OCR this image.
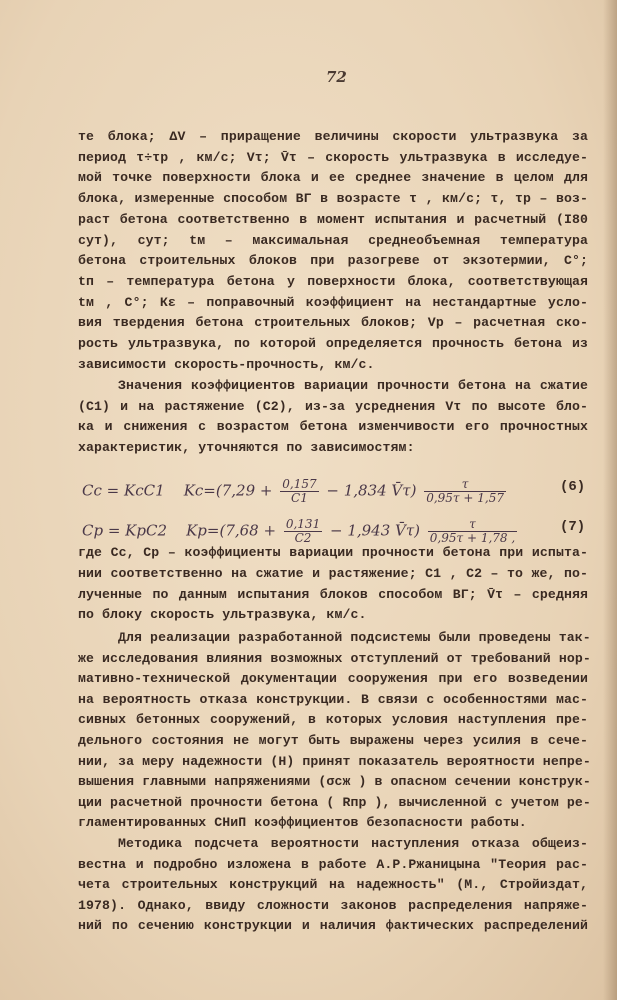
72
те блока; ΔV – приращение величины скорости ультразвука за
период τ÷τр , км/с; Vτ; V̄τ – скорость ультразвука в исследуе-
мой точке поверхности блока и ее среднее значение в целом для
блока, измеренные способом ВГ в возрасте τ , км/с; τ, τр – воз-
раст бетона соответственно в момент испытания и расчетный (I80
сут), сут; tм – максимальная среднеобъемная температура
бетона строительных блоков при разогреве от экзотермии, С°;
tп – температура бетона у поверхности блока, соответствующая
tм , С°; Кε – поправочный коэффициент на нестандартные усло-
вия твердения бетона строительных блоков; Vр – расчетная ско-
рость ультразвука, по которой определяется прочность бетона из
зависимости скорость-прочность, км/с.
Значения коэффициентов вариации прочности бетона на сжатие
(С1) и на растяжение (С2), из-за усреднения Vτ по высоте бло-
ка и снижения с возрастом бетона изменчивости его прочностных
характеристик, уточняются по зависимостям:
где Сс, Ср – коэффициенты вариации прочности бетона при испыта-
нии соответственно на сжатие и растяжение; С1 , С2 – то же, по-
лученные по данным испытания блоков способом ВГ; V̄τ – средняя
по блоку скорость ультразвука, км/с.
Для реализации разработанной подсистемы были проведены так-
же исследования влияния возможных отступлений от требований нор-
мативно-технической документации сооружения при его возведении
на вероятность отказа конструкции. В связи с особенностями мас-
сивных бетонных сооружений, в которых условия наступления пре-
дельного состояния не могут быть выражены через усилия в сече-
нии, за меру надежности (Н) принят показатель вероятности непре-
вышения главными напряжениями (σсж ) в опасном сечении конструк-
ции расчетной прочности бетона ( Rпр ), вычисленной с учетом ре-
гламентированных СНиП коэффициентов безопасности работы.
Методика подсчета вероятности наступления отказа общеиз-
вестна и подробно изложена в работе А.Р.Ржаницына "Теория рас-
чета строительных конструкций на надежность" (М., Стройиздат,
1978). Однако, ввиду сложности законов распределения напряже-
ний по сечению конструкции и наличия фактических распределений
Cс = KсC1 $Kс=(7,29 + \frac{0,157}{C1} - 1,834$ V̄τ) $\frac{\tau}{0,95\tau + 1,57}$	(6)
Cр = KрC2 $Kр=(7,68 + \frac{0,131}{C2} - 1,943$ V̄τ) $\frac{\tau}{0,95\tau + 1,78 ,}$	(7)
